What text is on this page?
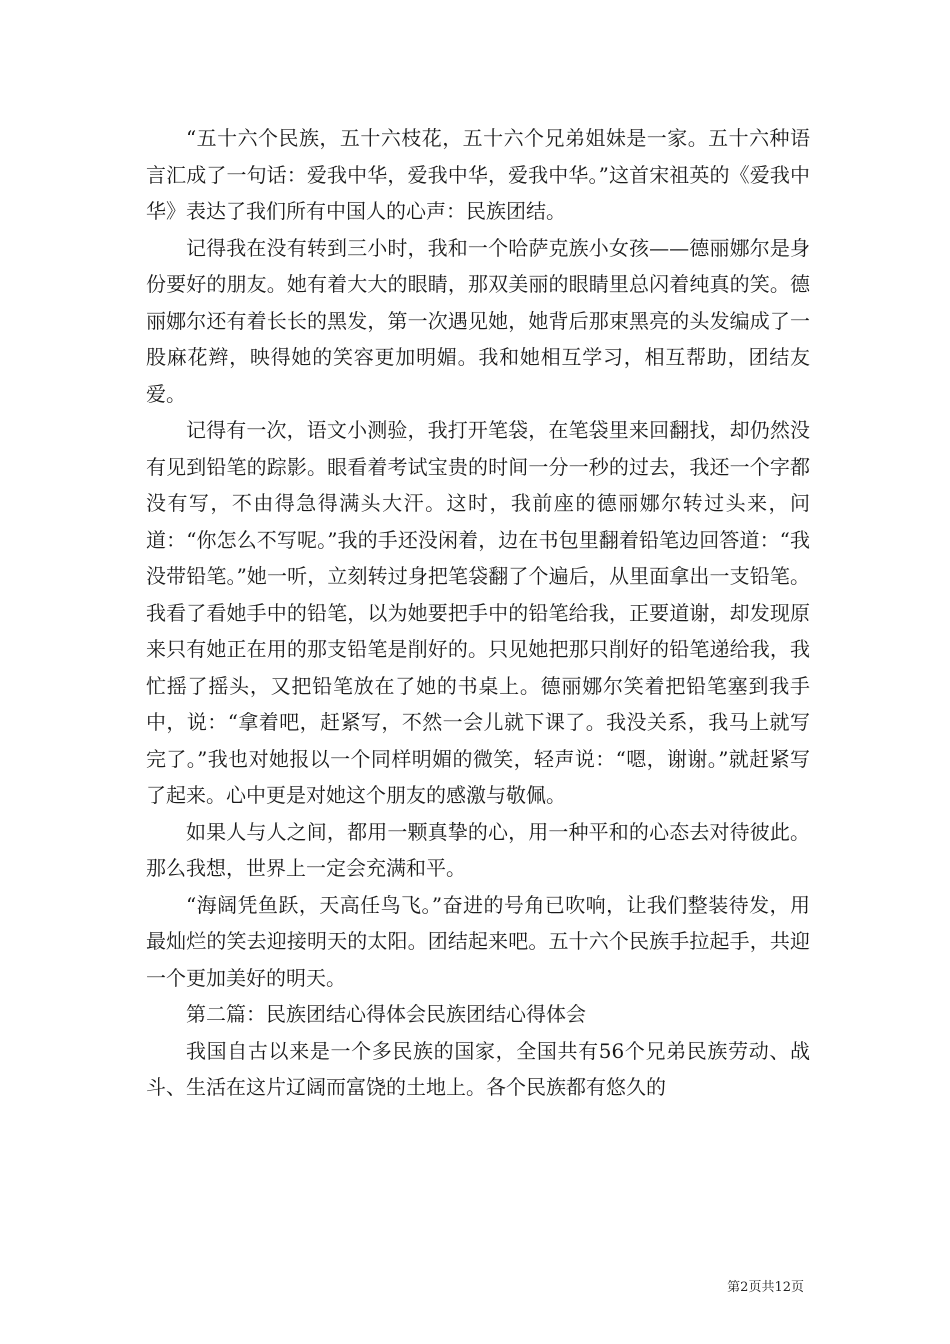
“五十六个民族，五十六枝花，五十六个兄弟姐妹是一家。五十六种语言汇成了一句话：爱我中华，爱我中华，爱我中华。”这首宋祖英的《爱我中华》表达了我们所有中国人的心声：民族团结。

记得我在没有转到三小时，我和一个哈萨克族小女孩——德丽娜尔是身份要好的朋友。她有着大大的眼睛，那双美丽的眼睛里总闪着纯真的笑。德丽娜尔还有着长长的黑发，第一次遇见她，她背后那束黑亮的头发编成了一股麻花辫，映得她的笑容更加明媚。我和她相互学习，相互帮助，团结友爱。

记得有一次，语文小测验，我打开笔袋，在笔袋里来回翻找，却仍然没有见到铅笔的踪影。眼看着考试宝贵的时间一分一秒的过去，我还一个字都没有写，不由得急得满头大汗。这时，我前座的德丽娜尔转过头来，问道：“你怎么不写呢。”我的手还没闲着，边在书包里翻着铅笔边回答道：“我没带铅笔。”她一听，立刻转过身把笔袋翻了个遍后，从里面拿出一支铅笔。我看了看她手中的铅笔，以为她要把手中的铅笔给我，正要道谢，却发现原来只有她正在用的那支铅笔是削好的。只见她把那只削好的铅笔递给我，我忙摇了摇头，又把铅笔放在了她的书桌上。德丽娜尔笑着把铅笔塞到我手中，说：“拿着吧，赶紧写，不然一会儿就下课了。我没关系，我马上就写完了。”我也对她报以一个同样明媚的微笑，轻声说：“嗯，谢谢。”就赶紧写了起来。心中更是对她这个朋友的感激与敬佩。

如果人与人之间，都用一颗真挚的心，用一种平和的心态去对待彼此。那么我想，世界上一定会充满和平。

“海阔凭鱼跃，天高任鸟飞。”奋进的号角已吹响，让我们整装待发，用最灿烂的笑去迎接明天的太阳。团结起来吧。五十六个民族手拉起手，共迎一个更加美好的明天。

第二篇：民族团结心得体会民族团结心得体会

我国自古以来是一个多民族的国家，全国共有56个兄弟民族劳动、战斗、生活在这片辽阔而富饶的土地上。各个民族都有悠久的

第2页共12页
